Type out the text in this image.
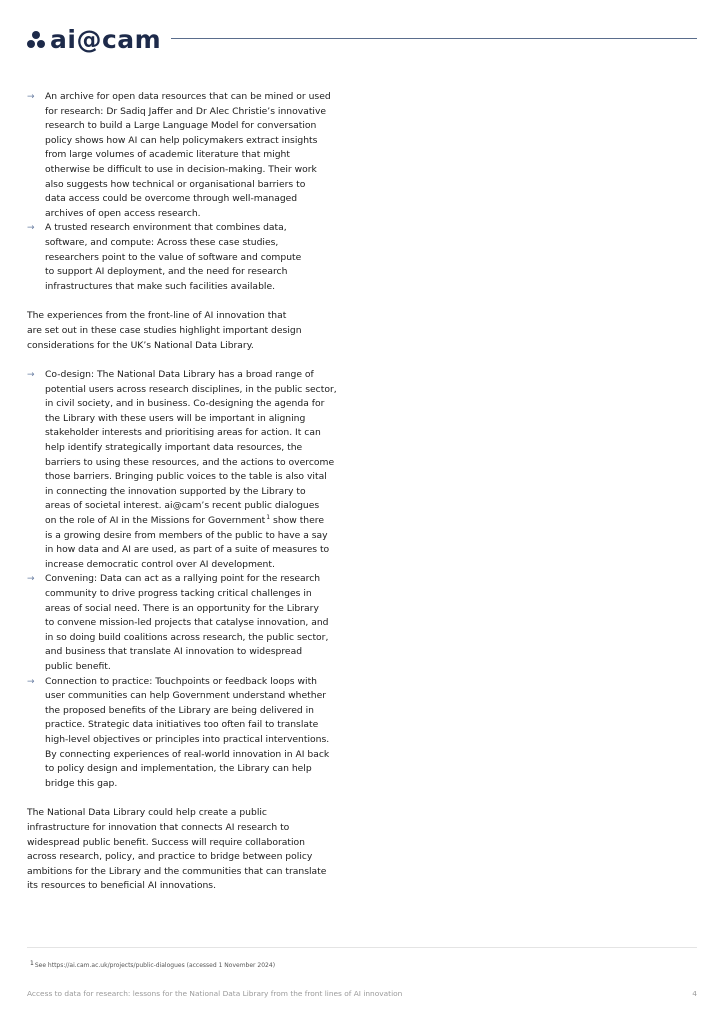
ai@cam
→ An archive for open data resources that can be mined or used
for research: Dr Sadiq Jaffer and Dr Alec Christie’s innovative
research to build a Large Language Model for conversation
policy shows how AI can help policymakers extract insights
from large volumes of academic literature that might
otherwise be difficult to use in decision-making. Their work
also suggests how technical or organisational barriers to
data access could be overcome through well-managed
archives of open access research.
→ A trusted research environment that combines data,
software, and compute: Across these case studies,
researchers point to the value of software and compute
to support AI deployment, and the need for research
infrastructures that make such facilities available.

The experiences from the front-line of AI innovation that
are set out in these case studies highlight important design
considerations for the UK’s National Data Library.

→ Co-design: The National Data Library has a broad range of
potential users across research disciplines, in the public sector,
in civil society, and in business. Co-designing the agenda for
the Library with these users will be important in aligning
stakeholder interests and prioritising areas for action. It can
help identify strategically important data resources, the
barriers to using these resources, and the actions to overcome
those barriers. Bringing public voices to the table is also vital
in connecting the innovation supported by the Library to
areas of societal interest. ai@cam’s recent public dialogues
on the role of AI in the Missions for Government$^1$ show there
is a growing desire from members of the public to have a say
in how data and AI are used, as part of a suite of measures to
increase democratic control over AI development.
→ Convening: Data can act as a rallying point for the research
community to drive progress tacking critical challenges in
areas of social need. There is an opportunity for the Library
to convene mission-led projects that catalyse innovation, and
in so doing build coalitions across research, the public sector,
and business that translate AI innovation to widespread
public benefit.
→ Connection to practice: Touchpoints or feedback loops with
user communities can help Government understand whether
the proposed benefits of the Library are being delivered in
practice. Strategic data initiatives too often fail to translate
high-level objectives or principles into practical interventions.
By connecting experiences of real-world innovation in AI back
to policy design and implementation, the Library can help
bridge this gap.

The National Data Library could help create a public
infrastructure for innovation that connects AI research to
widespread public benefit. Success will require collaboration
across research, policy, and practice to bridge between policy
ambitions for the Library and the communities that can translate
its resources to beneficial AI innovations.

1See https://ai.cam.ac.uk/projects/public-dialogues (accessed 1 November 2024)
Access to data for research: lessons for the National Data Library from the front lines of AI innovation	4
